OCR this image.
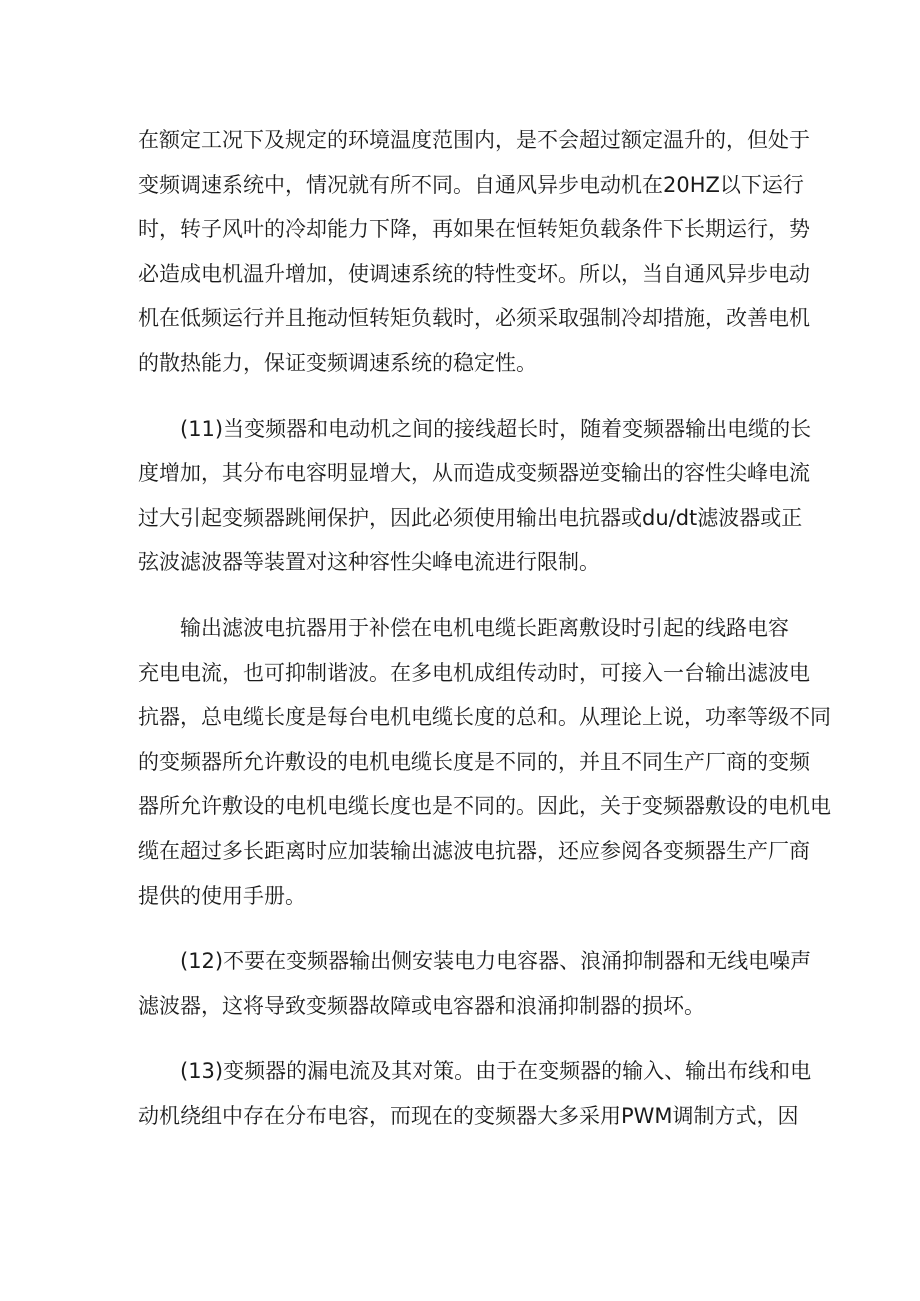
在额定工况下及规定的环境温度范围内，是不会超过额定温升的，但处于
变频调速系统中，情况就有所不同。自通风异步电动机在20HZ以下运行
时，转子风叶的冷却能力下降，再如果在恒转矩负载条件下长期运行，势
必造成电机温升增加，使调速系统的特性变坏。所以，当自通风异步电动
机在低频运行并且拖动恒转矩负载时，必须采取强制冷却措施，改善电机
的散热能力，保证变频调速系统的稳定性。

(11)当变频器和电动机之间的接线超长时，随着变频器输出电缆的长
度增加，其分布电容明显增大，从而造成变频器逆变输出的容性尖峰电流
过大引起变频器跳闸保护，因此必须使用输出电抗器或du/dt滤波器或正
弦波滤波器等装置对这种容性尖峰电流进行限制。

输出滤波电抗器用于补偿在电机电缆长距离敷设时引起的线路电容
充电电流，也可抑制谐波。在多电机成组传动时，可接入一台输出滤波电
抗器，总电缆长度是每台电机电缆长度的总和。从理论上说，功率等级不同
的变频器所允许敷设的电机电缆长度是不同的，并且不同生产厂商的变频
器所允许敷设的电机电缆长度也是不同的。因此，关于变频器敷设的电机电
缆在超过多长距离时应加装输出滤波电抗器，还应参阅各变频器生产厂商
提供的使用手册。

(12)不要在变频器输出侧安装电力电容器、浪涌抑制器和无线电噪声
滤波器，这将导致变频器故障或电容器和浪涌抑制器的损坏。

(13)变频器的漏电流及其对策。由于在变频器的输入、输出布线和电
动机绕组中存在分布电容，而现在的变频器大多采用PWM调制方式，因
